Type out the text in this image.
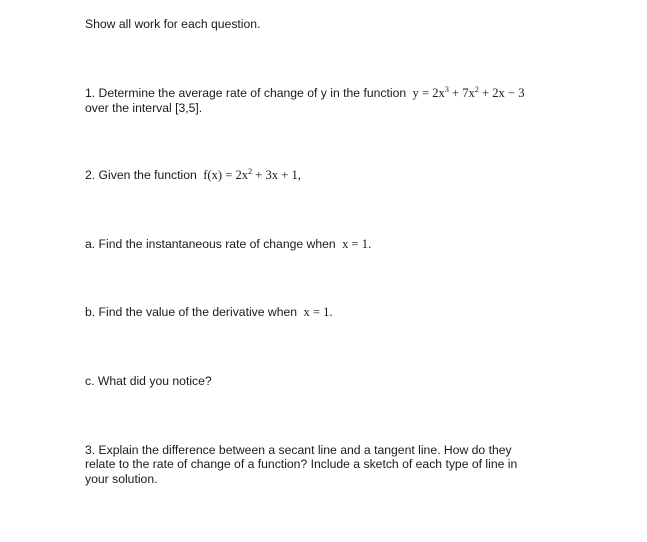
Show all work for each question.
1. Determine the average rate of change of y in the function $y = 2x^3 + 7x^2 + 2x - 3$
over the interval [3,5].
2. Given the function $f(x) = 2x^2 + 3x + 1$,
a. Find the instantaneous rate of change when x = 1.
b. Find the value of the derivative when x = 1.
c. What did you notice?
3. Explain the difference between a secant line and a tangent line. How do they
relate to the rate of change of a function? Include a sketch of each type of line in
your solution.
